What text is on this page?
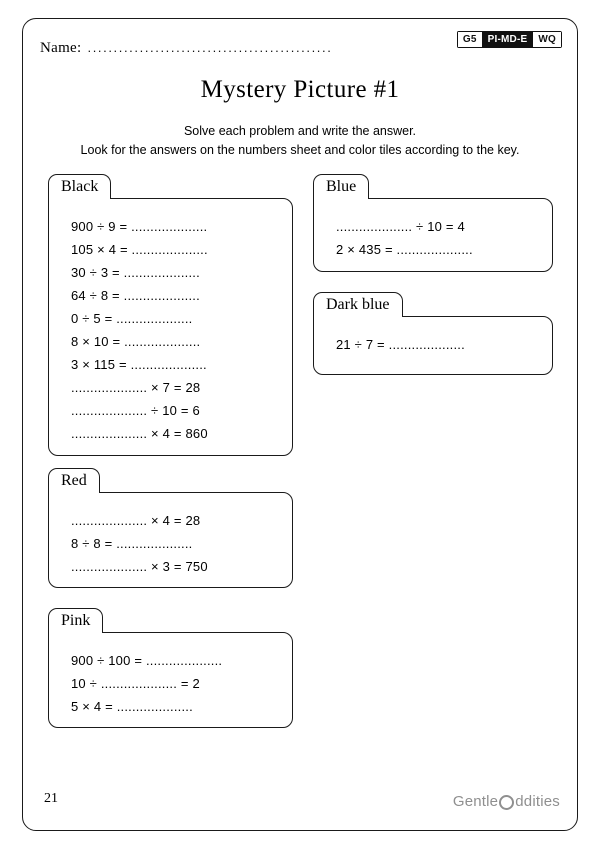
Name: ...............................................
G5	PI-MD-E	WQ
Mystery Picture #1
Solve each problem and write the answer.
Look for the answers on the numbers sheet and color tiles according to the key.
Black
900 ÷ 9 = ....................
105 × 4 = ....................
30 ÷ 3 = ....................
64 ÷ 8 = ....................
0 ÷ 5 = ....................
8 × 10 = ....................
3 × 115 = ....................
.................... × 7 = 28
.................... ÷ 10 = 6
.................... × 4 = 860
Blue
.................... ÷ 10 = 4
2 × 435 = ....................
Dark blue
21 ÷ 7 = ....................
Red
.................... × 4 = 28
8 ÷ 8 = ....................
.................... × 3 = 750
Pink
900 ÷ 100 = ....................
10 ÷ .................... = 2
5 × 4 = ....................
21	Gentle ddities
